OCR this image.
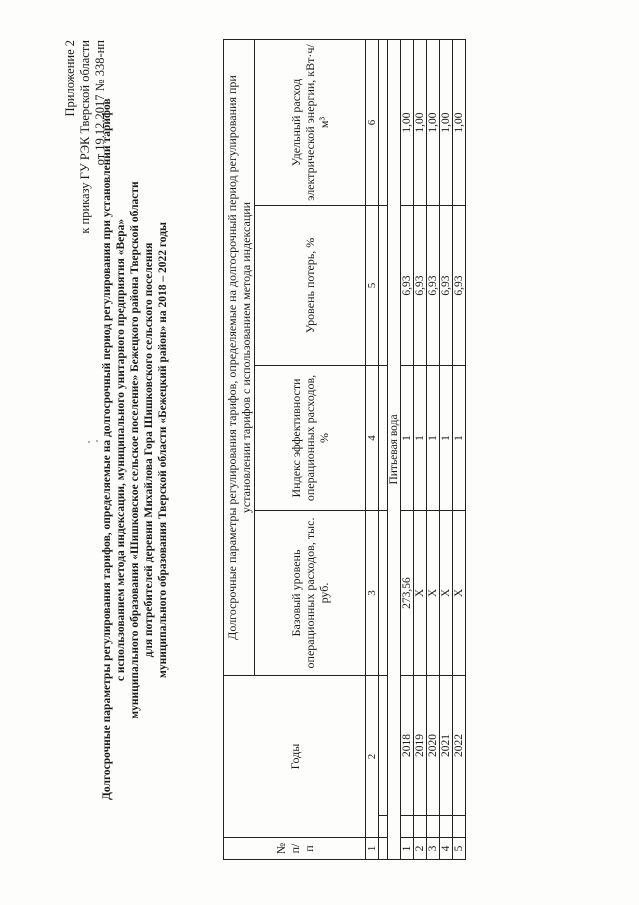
Приложение 2 к приказу ГУ РЭК Тверской области от 19.12.2017 № 338-нп
Долгосрочные параметры регулирования тарифов, определяемые на долгосрочный период регулирования при установлении тарифов с использованием метода индексации, муниципального унитарного предприятия «Вера» муниципального образования «Шишковское сельское поселение» Бежецкого района Тверской области для потребителей деревни Михайлова Гора Шишковского сельского поселения муниципального образования Тверской области «Бежецкий район» на 2018 – 2022 годы
№ п/п	Годы		Долгосрочные параметры регулирования тарифов, определяемые на долгосрочный период регулирования при установлении тарифов с использованием метода индексации			
			Базовый уровень операционных расходов, тыс. руб.	Индекс эффективности операционных расходов, %	Уровень потерь, %	Удельный расход электрической энергии, кВт·ч/м³
1	2		3	4	5	6

Питьевая вода						
1		2018	273,56	1	6,93	1,00
2		2019	Х	1	6,93	1,00
3		2020	Х	1	6,93	1,00
4		2021	Х	1	6,93	1,00
5		2022	Х	1	6,93	1,00
